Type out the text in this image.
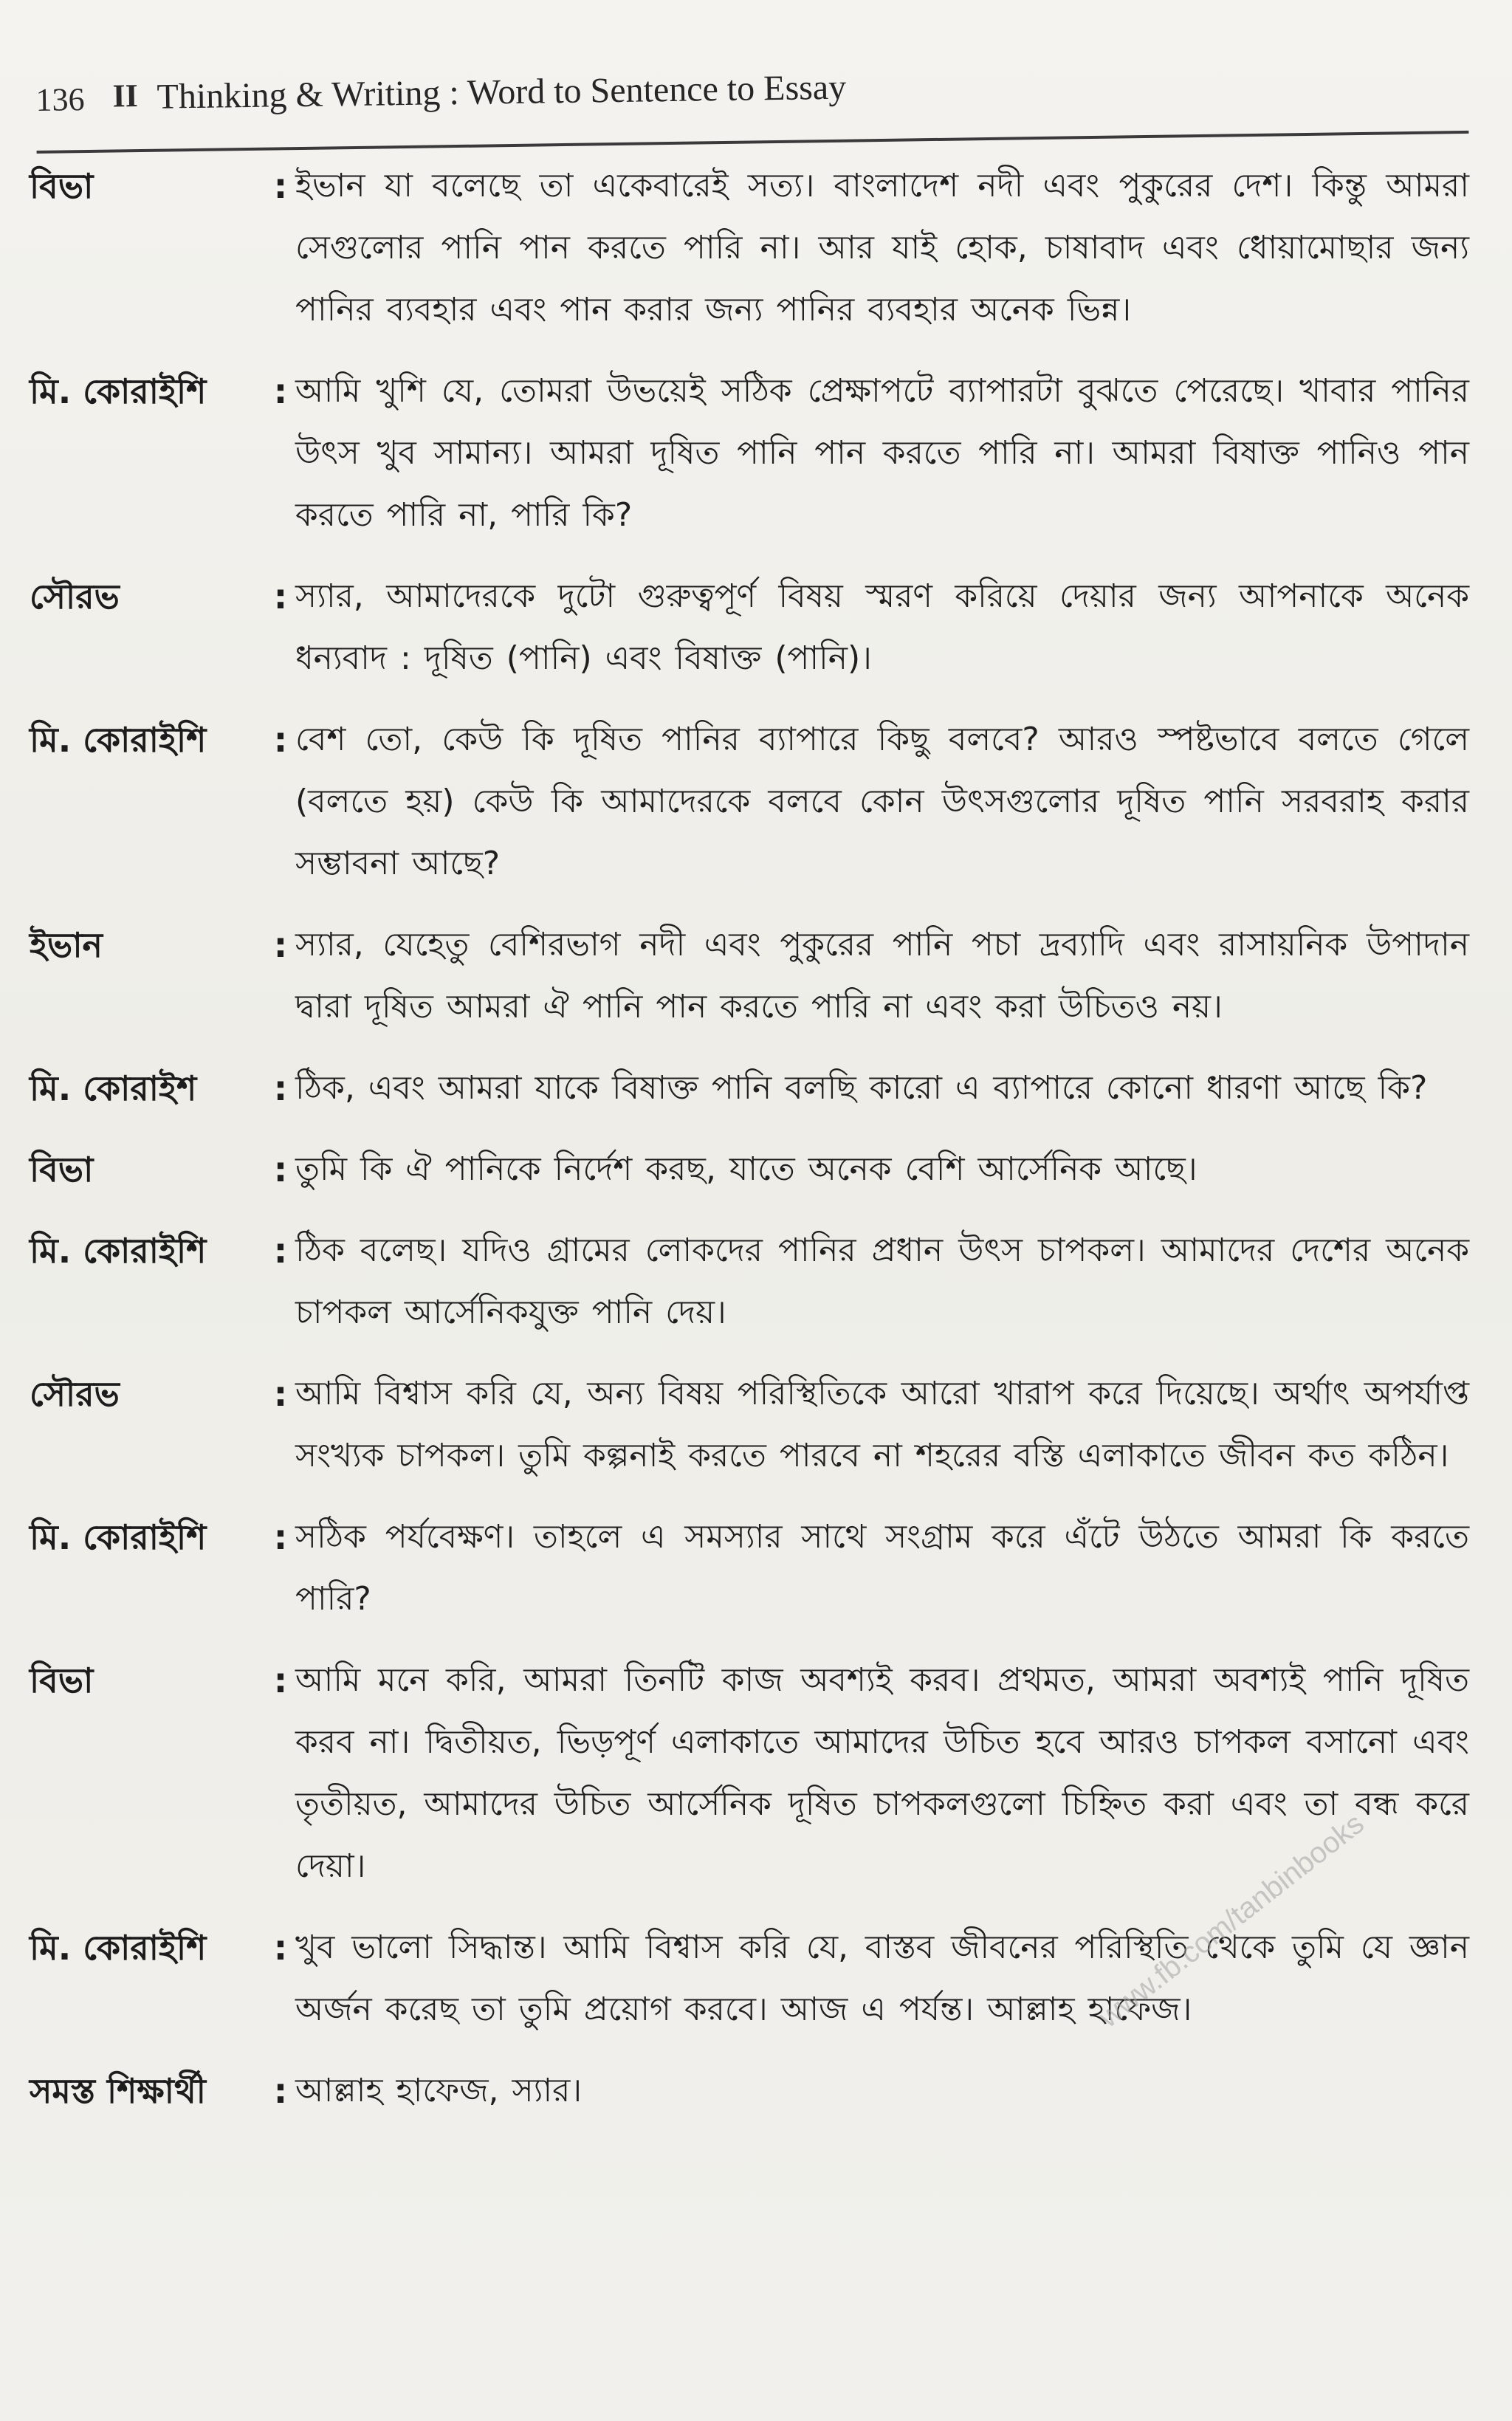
136 II Thinking & Writing : Word to Sentence to Essay
বিভা	: ইভান যা বলেছে তা একেবারেই সত্য। বাংলাদেশ নদী এবং পুকুরের দেশ। কিন্তু আমরা সেগুলোর পানি পান করতে পারি না। আর যাই হোক, চাষাবাদ এবং ধোয়ামোছার জন্য পানির ব্যবহার এবং পান করার জন্য পানির ব্যবহার অনেক ভিন্ন।
মি. কোরাইশি	: আমি খুশি যে, তোমরা উভয়েই সঠিক প্রেক্ষাপটে ব্যাপারটা বুঝতে পেরেছে। খাবার পানির উৎস খুব সামান্য। আমরা দূষিত পানি পান করতে পারি না। আমরা বিষাক্ত পানিও পান করতে পারি না, পারি কি?
সৌরভ	: স্যার, আমাদেরকে দুটো গুরুত্বপূর্ণ বিষয় স্মরণ করিয়ে দেয়ার জন্য আপনাকে অনেক ধন্যবাদ : দূষিত (পানি) এবং বিষাক্ত (পানি)।
মি. কোরাইশি	: বেশ তো, কেউ কি দূষিত পানির ব্যাপারে কিছু বলবে? আরও স্পষ্টভাবে বলতে গেলে (বলতে হয়) কেউ কি আমাদেরকে বলবে কোন উৎসগুলোর দূষিত পানি সরবরাহ করার সম্ভাবনা আছে?
ইভান	: স্যার, যেহেতু বেশিরভাগ নদী এবং পুকুরের পানি পচা দ্রব্যাদি এবং রাসায়নিক উপাদান দ্বারা দূষিত আমরা ঐ পানি পান করতে পারি না এবং করা উচিতও নয়।
মি. কোরাইশ	: ঠিক, এবং আমরা যাকে বিষাক্ত পানি বলছি কারো এ ব্যাপারে কোনো ধারণা আছে কি?
বিভা	: তুমি কি ঐ পানিকে নির্দেশ করছ, যাতে অনেক বেশি আর্সেনিক আছে।
মি. কোরাইশি	: ঠিক বলেছ। যদিও গ্রামের লোকদের পানির প্রধান উৎস চাপকল। আমাদের দেশের অনেক চাপকল আর্সেনিকযুক্ত পানি দেয়।
সৌরভ	: আমি বিশ্বাস করি যে, অন্য বিষয় পরিস্থিতিকে আরো খারাপ করে দিয়েছে। অর্থাৎ অপর্যাপ্ত সংখ্যক চাপকল। তুমি কল্পনাই করতে পারবে না শহরের বস্তি এলাকাতে জীবন কত কঠিন।
মি. কোরাইশি	: সঠিক পর্যবেক্ষণ। তাহলে এ সমস্যার সাথে সংগ্রাম করে এঁটে উঠতে আমরা কি করতে পারি?
বিভা	: আমি মনে করি, আমরা তিনটি কাজ অবশ্যই করব। প্রথমত, আমরা অবশ্যই পানি দূষিত করব না। দ্বিতীয়ত, ভিড়পূর্ণ এলাকাতে আমাদের উচিত হবে আরও চাপকল বসানো এবং তৃতীয়ত, আমাদের উচিত আর্সেনিক দূষিত চাপকলগুলো চিহ্নিত করা এবং তা বন্ধ করে দেয়া।
মি. কোরাইশি	: খুব ভালো সিদ্ধান্ত। আমি বিশ্বাস করি যে, বাস্তব জীবনের পরিস্থিতি থেকে তুমি যে জ্ঞান অর্জন করেছ তা তুমি প্রয়োগ করবে। আজ এ পর্যন্ত। আল্লাহ হাফেজ।
সমস্ত শিক্ষার্থী	: আল্লাহ হাফেজ, স্যার।
www.fb.com/tanbinbooks
